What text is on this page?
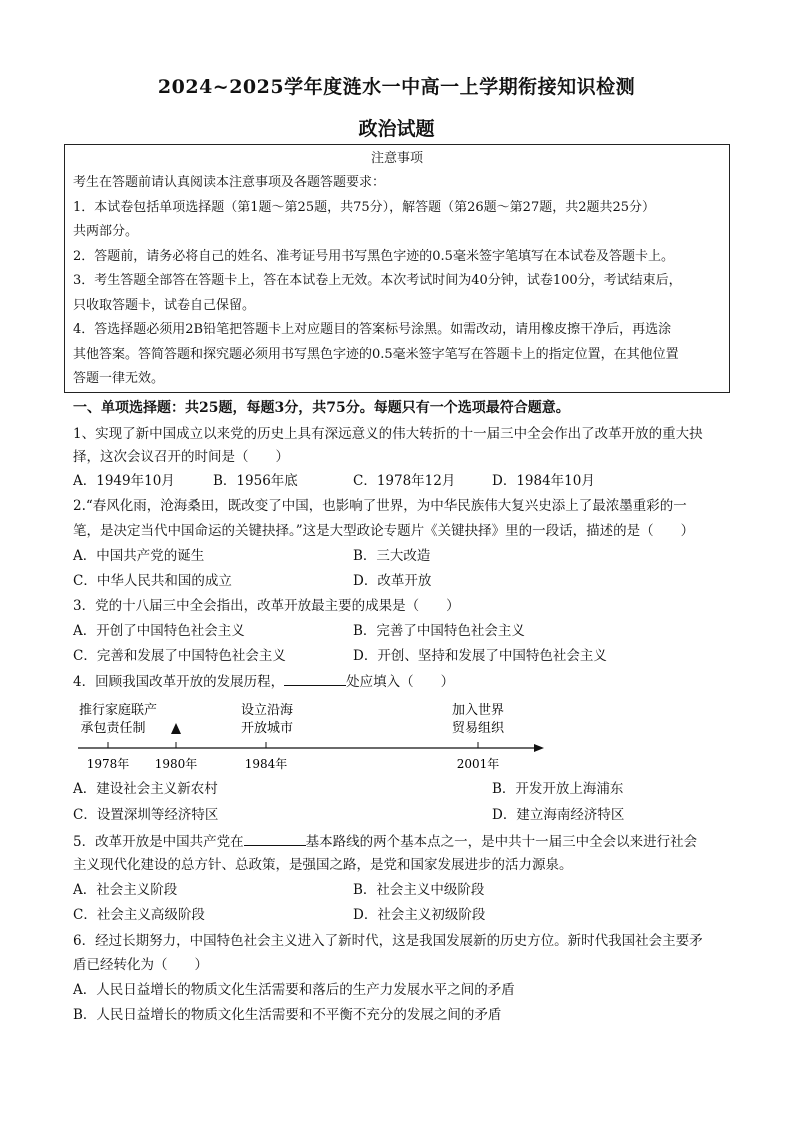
2024~2025学年度涟水一中高一上学期衔接知识检测
政治试题
注意事项
考生在答题前请认真阅读本注意事项及各题答题要求：
1．本试卷包括单项选择题（第1题～第25题，共75分），解答题（第26题～第27题，共2题共25分）
共两部分。
2．答题前，请务必将自己的姓名、准考证号用书写黑色字迹的0.5毫米签字笔填写在本试卷及答题卡上。
3．考生答题全部答在答题卡上，答在本试卷上无效。本次考试时间为40分钟，试卷100分，考试结束后，
只收取答题卡，试卷自己保留。
4．答选择题必须用2B铅笔把答题卡上对应题目的答案标号涂黑。如需改动，请用橡皮擦干净后，再选涂
其他答案。答简答题和探究题必须用书写黑色字迹的0.5毫米签字笔写在答题卡上的指定位置，在其他位置
答题一律无效。
一、单项选择题：共25题，每题3分，共75分。每题只有一个选项最符合题意。
1、实现了新中国成立以来党的历史上具有深远意义的伟大转折的十一届三中全会作出了改革开放的重大抉
择，这次会议召开的时间是（　　）
A．1949年10月	B．1956年底	C．1978年12月	D．1984年10月
2.“春风化雨，沧海桑田，既改变了中国，也影响了世界，为中华民族伟大复兴史添上了最浓墨重彩的一
笔，是决定当代中国命运的关键抉择。”这是大型政论专题片《关键抉择》里的一段话，描述的是（　　）
A．中国共产党的诞生	B．三大改造
C．中华人民共和国的成立	D．改革开放
3．党的十八届三中全会指出，改革开放最主要的成果是（　　）
A．开创了中国特色社会主义	B．完善了中国特色社会主义
C．完善和发展了中国特色社会主义	D．开创、坚持和发展了中国特色社会主义
4．回顾我国改革开放的发展历程，	处应填入（　　）
推行家庭联产
承包责任制
设立沿海
开放城市
加入世界
贸易组织
1978年 1980年	1984年	2001年
A．建设社会主义新农村	B．开发开放上海浦东
C．设置深圳等经济特区	D．建立海南经济特区
5．改革开放是中国共产党在	基本路线的两个基本点之一，是中共十一届三中全会以来进行社会
主义现代化建设的总方针、总政策，是强国之路，是党和国家发展进步的活力源泉。
A．社会主义阶段	B．社会主义中级阶段
C．社会主义高级阶段	D．社会主义初级阶段
6．经过长期努力，中国特色社会主义进入了新时代，这是我国发展新的历史方位。新时代我国社会主要矛
盾已经转化为（　　）
A．人民日益增长的物质文化生活需要和落后的生产力发展水平之间的矛盾
B．人民日益增长的物质文化生活需要和不平衡不充分的发展之间的矛盾
